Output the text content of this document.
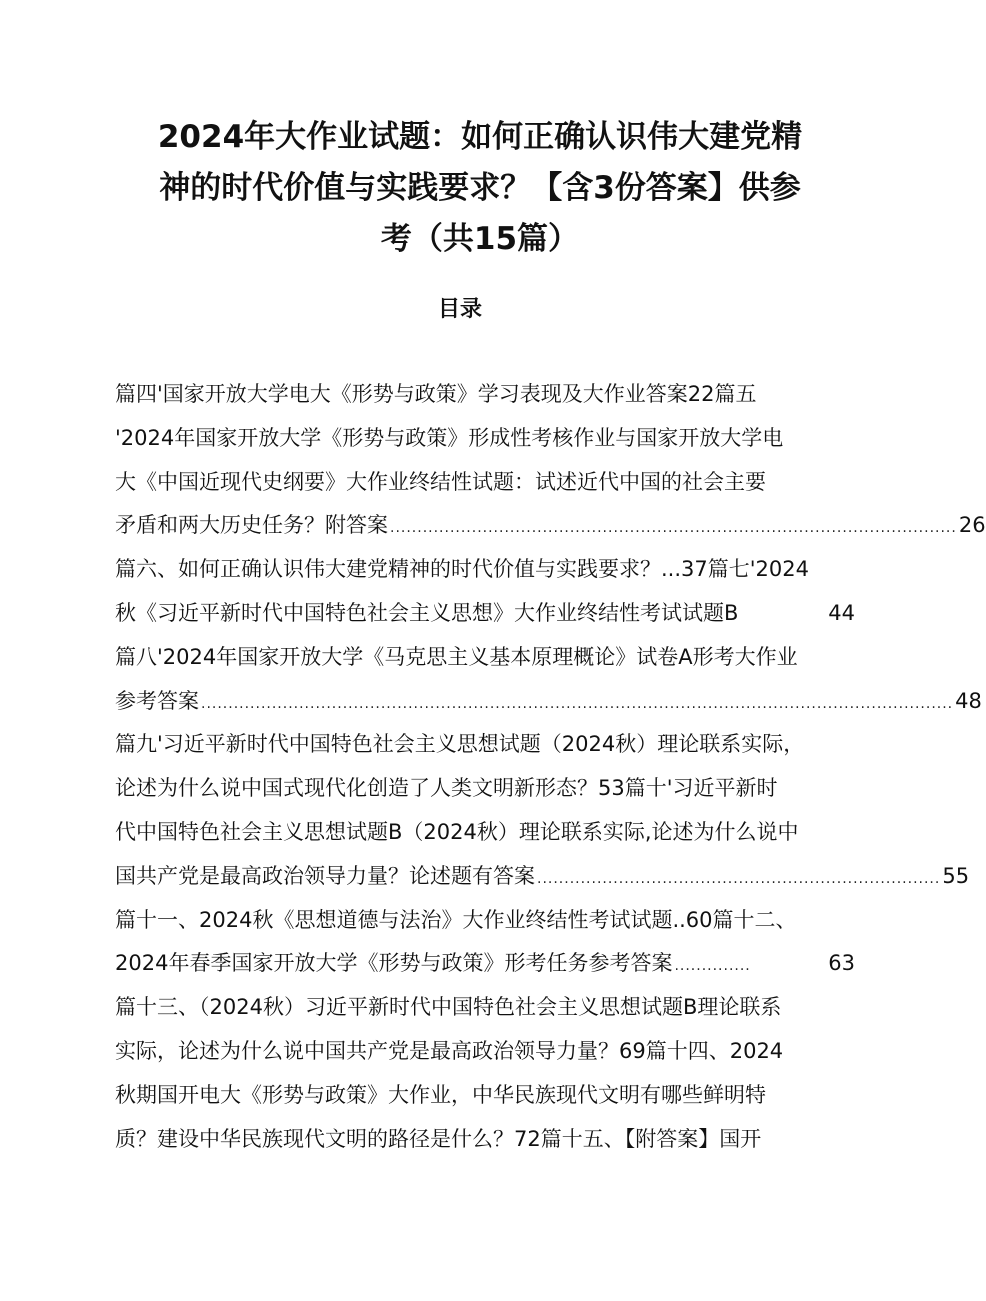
2024年大作业试题：如何正确认识伟大建党精
神的时代价值与实践要求？【含3份答案】供参
考（共15篇）
目录
篇四'国家开放大学电大《形势与政策》学习表现及大作业答案22篇五
'2024年国家开放大学《形势与政策》形成性考核作业与国家开放大学电
大《中国近现代史纲要》大作业终结性试题：试述近代中国的社会主要
矛盾和两大历史任务？附答案 ........................................................................................................ 26
篇六、如何正确认识伟大建党精神的时代价值与实践要求？...37篇七'2024
秋《习近平新时代中国特色社会主义思想》大作业终结性考试试题B	44
篇八'2024年国家开放大学《马克思主义基本原理概论》试卷A形考大作业
参考答案 .......................................................................................................................................... 48
篇九'习近平新时代中国特色社会主义思想试题（2024秋）理论联系实际，
论述为什么说中国式现代化创造了人类文明新形态？53篇十'习近平新时
代中国特色社会主义思想试题B（2024秋）理论联系实际,论述为什么说中
国共产党是最高政治领导力量？论述题有答案 .......................................................................... 55
篇十一、2024秋《思想道德与法治》大作业终结性考试试题..60篇十二、
2024年春季国家开放大学《形势与政策》形考任务参考答案 ..............	63
篇十三、（2024秋）习近平新时代中国特色社会主义思想试题B理论联系
实际，论述为什么说中国共产党是最高政治领导力量？69篇十四、2024
秋期国开电大《形势与政策》大作业，中华民族现代文明有哪些鲜明特
质？建设中华民族现代文明的路径是什么？72篇十五、【附答案】国开
